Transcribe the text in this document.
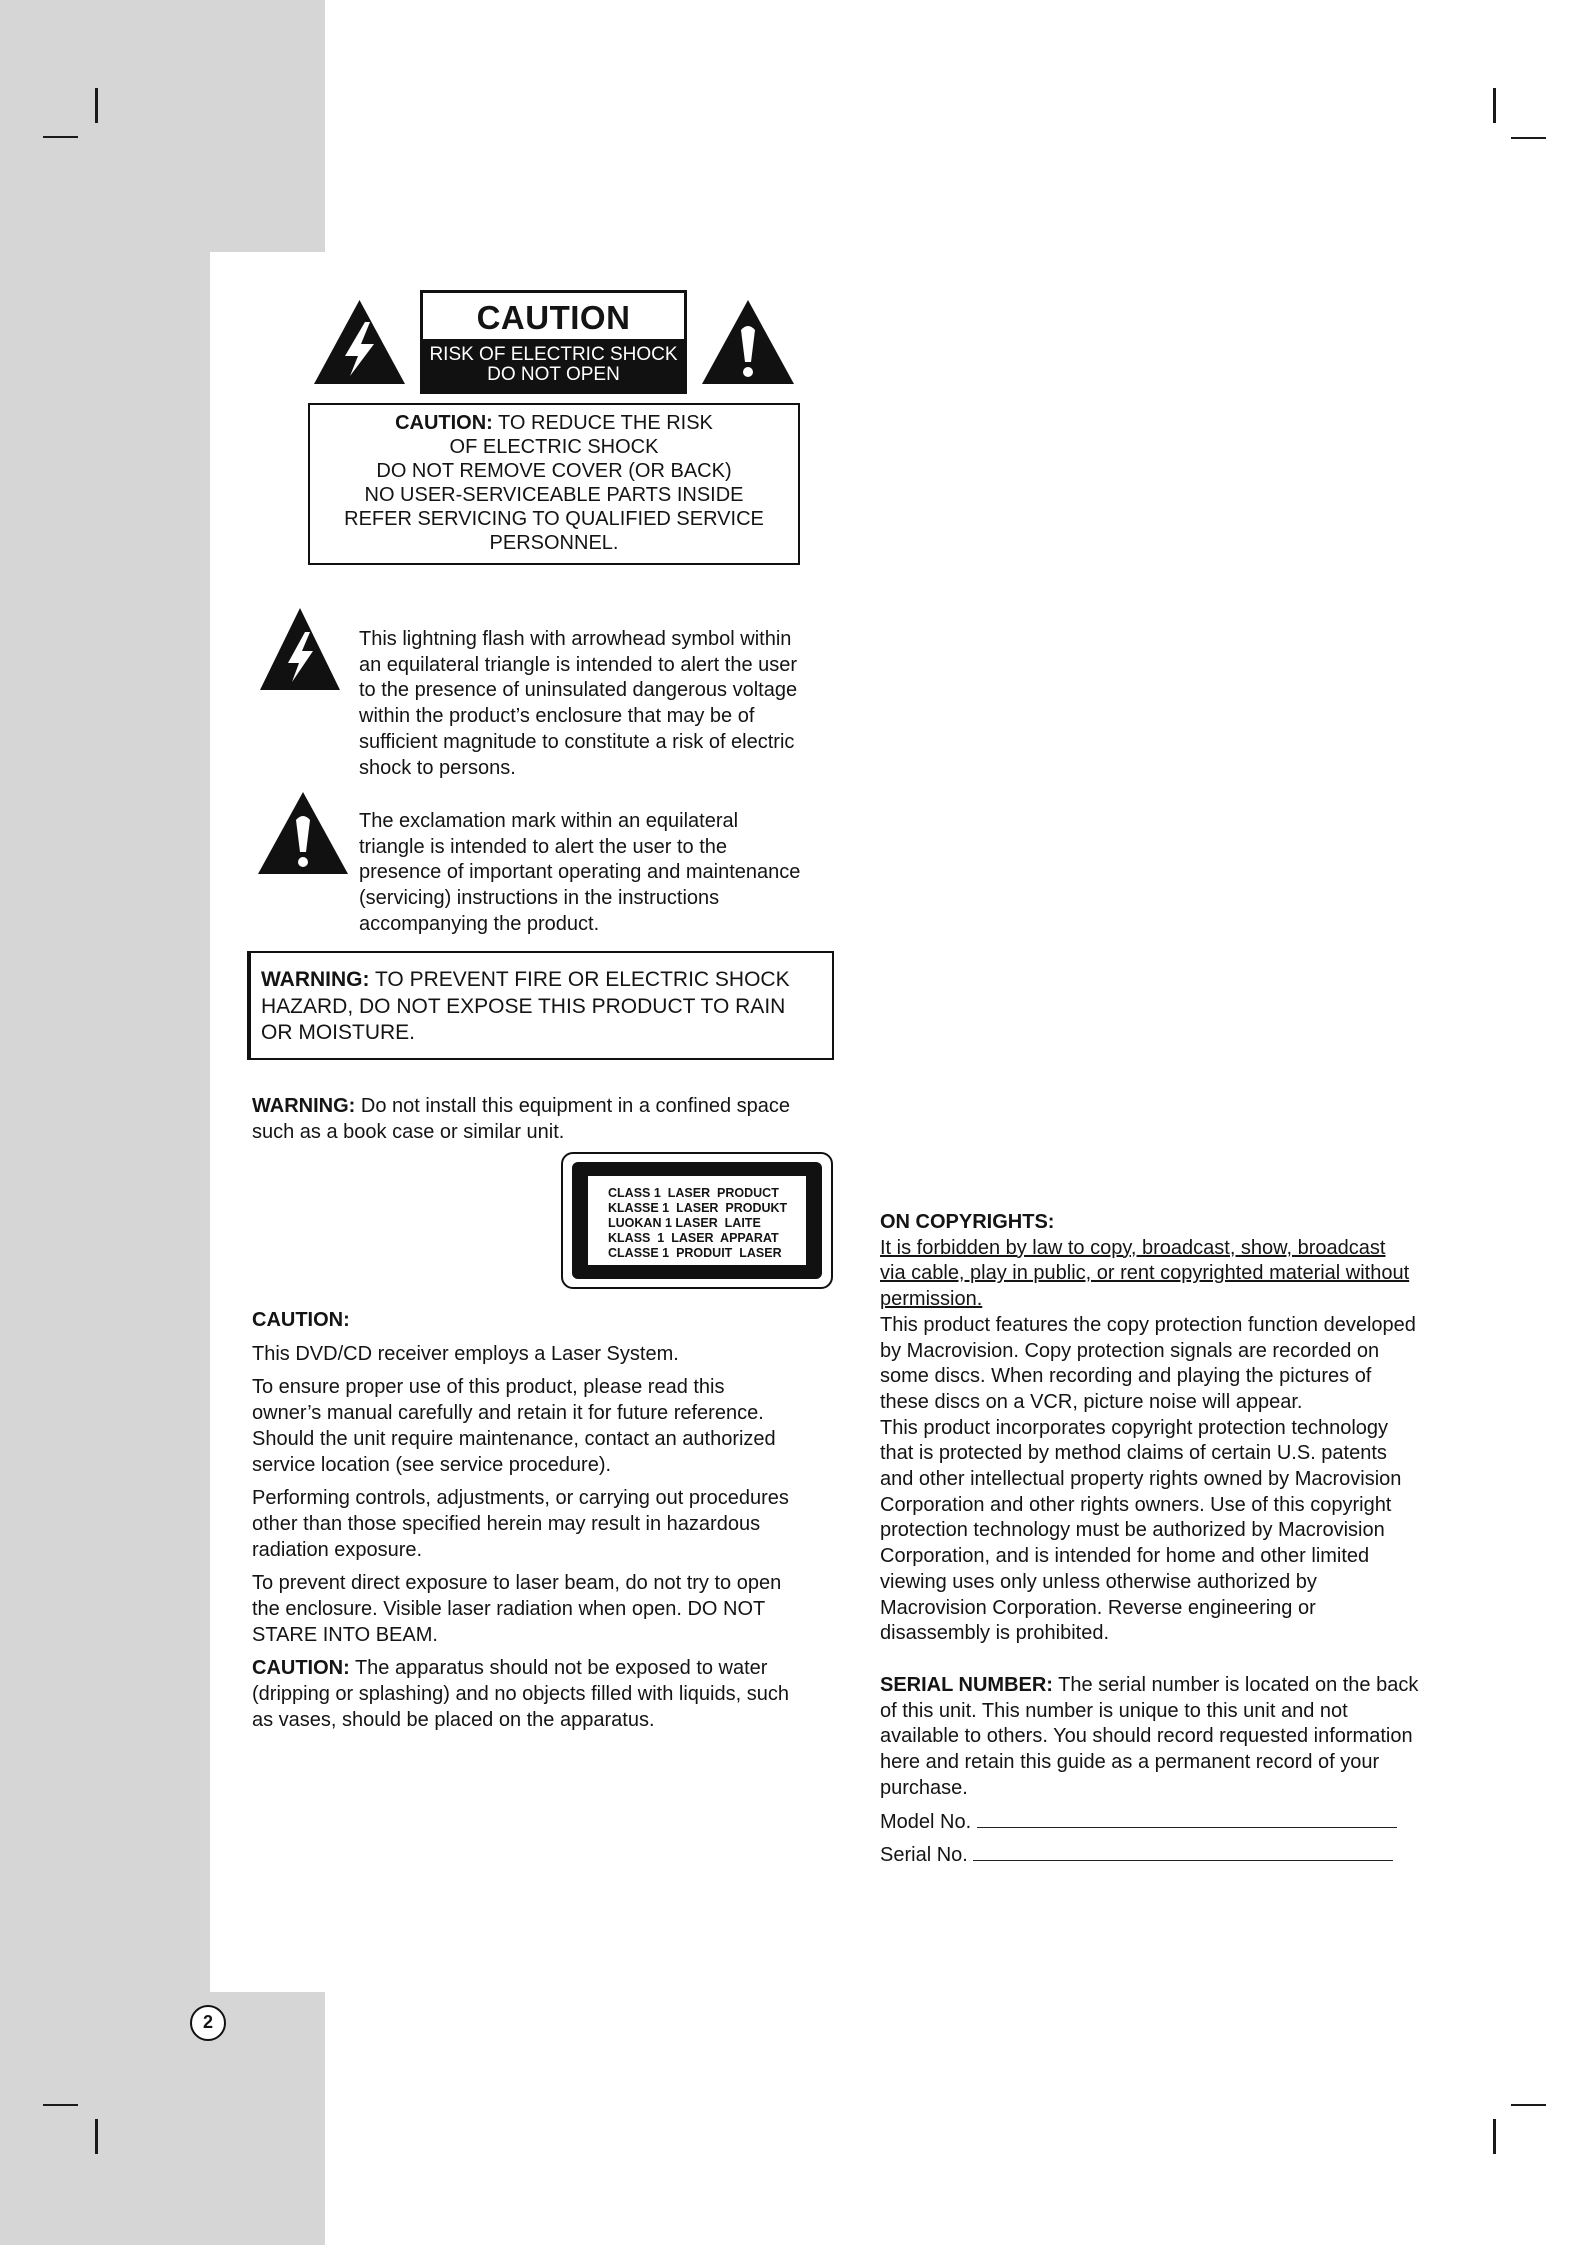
CAUTION
RISK OF ELECTRIC SHOCK
DO NOT OPEN
CAUTION: TO REDUCE THE RISK
OF ELECTRIC SHOCK
DO NOT REMOVE COVER (OR BACK)
NO USER-SERVICEABLE PARTS INSIDE
REFER SERVICING TO QUALIFIED SERVICE
PERSONNEL.
This lightning flash with arrowhead symbol within
an equilateral triangle is intended to alert the user
to the presence of uninsulated dangerous voltage
within the product’s enclosure that may be of
sufficient magnitude to constitute a risk of electric
shock to persons.
The exclamation mark within an equilateral
triangle is intended to alert the user to the
presence of important operating and maintenance
(servicing) instructions in the instructions
accompanying the product.
WARNING: TO PREVENT FIRE OR ELECTRIC SHOCK
HAZARD, DO NOT EXPOSE THIS PRODUCT TO RAIN
OR MOISTURE.
WARNING: Do not install this equipment in a confined space
such as a book case or similar unit.
CLASS 1  LASER  PRODUCT
KLASSE 1  LASER  PRODUKT
LUOKAN 1 LASER  LAITE
KLASS  1  LASER  APPARAT
CLASSE 1  PRODUIT  LASER
CAUTION:
This DVD/CD receiver employs a Laser System.
To ensure proper use of this product, please read this
owner’s manual carefully and retain it for future reference.
Should the unit require maintenance, contact an authorized
service location (see service procedure).
Performing controls, adjustments, or carrying out procedures
other than those specified herein may result in hazardous
radiation exposure.
To prevent direct exposure to laser beam, do not try to open
the enclosure. Visible laser radiation when open. DO NOT
STARE INTO BEAM.
CAUTION: The apparatus should not be exposed to water
(dripping or splashing) and no objects filled with liquids, such
as vases, should be placed on the apparatus.
ON COPYRIGHTS:
It is forbidden by law to copy, broadcast, show, broadcast
via cable, play in public, or rent copyrighted material without
permission.
This product features the copy protection function developed
by Macrovision. Copy protection signals are recorded on
some discs. When recording and playing the pictures of
these discs on a VCR, picture noise will appear.
This product incorporates copyright protection technology
that is protected by method claims of certain U.S. patents
and other intellectual property rights owned by Macrovision
Corporation and other rights owners. Use of this copyright
protection technology must be authorized by Macrovision
Corporation, and is intended for home and other limited
viewing uses only unless otherwise authorized by
Macrovision Corporation. Reverse engineering or
disassembly is prohibited.
SERIAL NUMBER: The serial number is located on the back
of this unit. This number is unique to this unit and not
available to others. You should record requested information
here and retain this guide as a permanent record of your
purchase.
Model No.
Serial No.
2
